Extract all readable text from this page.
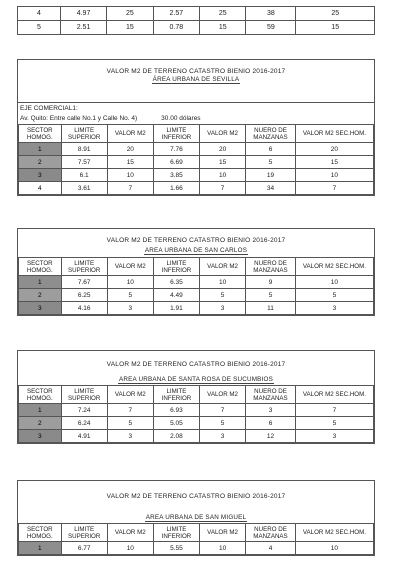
4	4.97	25	2.57	25	38	25
5	2.51	15	0.78	15	59	15
VALOR M2 DE TERRENO CATASTRO BIENIO 2016-2017
ÁREA URBANA DE SEVILLA
EJE COMERCIAL1:
Av. Quito: Entre calle No.1 y Calle No. 4)	30.00 dólares
SECTOR HOMOG.	LIMITE SUPERIOR	VALOR M2	LIMITE INFERIOR	VALOR M2	NUERO DE MANZANAS	VALOR M2 SEC.HOM.
1	8.91	20	7.76	20	6	20
2	7.57	15	6.69	15	5	15
3	6.1	10	3.85	10	19	10
4	3.61	7	1.66	7	34	7
VALOR M2 DE TERRENO CATASTRO BIENIO 2016-2017
AREA URBANA DE SAN CARLOS
SECTOR HOMOG.	LIMITE SUPERIOR	VALOR M2	LIMITE INFERIOR	VALOR M2	NUERO DE MANZANAS	VALOR M2 SEC.HOM.
1	7.67	10	6.35	10	9	10
2	6.25	5	4.49	5	5	5
3	4.16	3	1.91	3	11	3
VALOR M2 DE TERRENO CATASTRO BIENIO 2016-2017
AREA URBANA DE SANTA ROSA DE SUCUMBIOS
SECTOR HOMOG.	LIMITE SUPERIOR	VALOR M2	LIMITE INFERIOR	VALOR M2	NUERO DE MANZANAS	VALOR M2 SEC.HOM.
1	7.24	7	6.93	7	3	7
2	6.24	5	5.05	5	6	5
3	4.91	3	2.08	3	12	3
VALOR M2 DE TERRENO CATASTRO BIENIO 2016-2017
AREA URBANA DE SAN MIGUEL
SECTOR HOMOG.	LIMITE SUPERIOR	VALOR M2	LIMITE INFERIOR	VALOR M2	NUERO DE MANZANAS	VALOR M2 SEC.HOM.
1	6.77	10	5.55	10	4	10
